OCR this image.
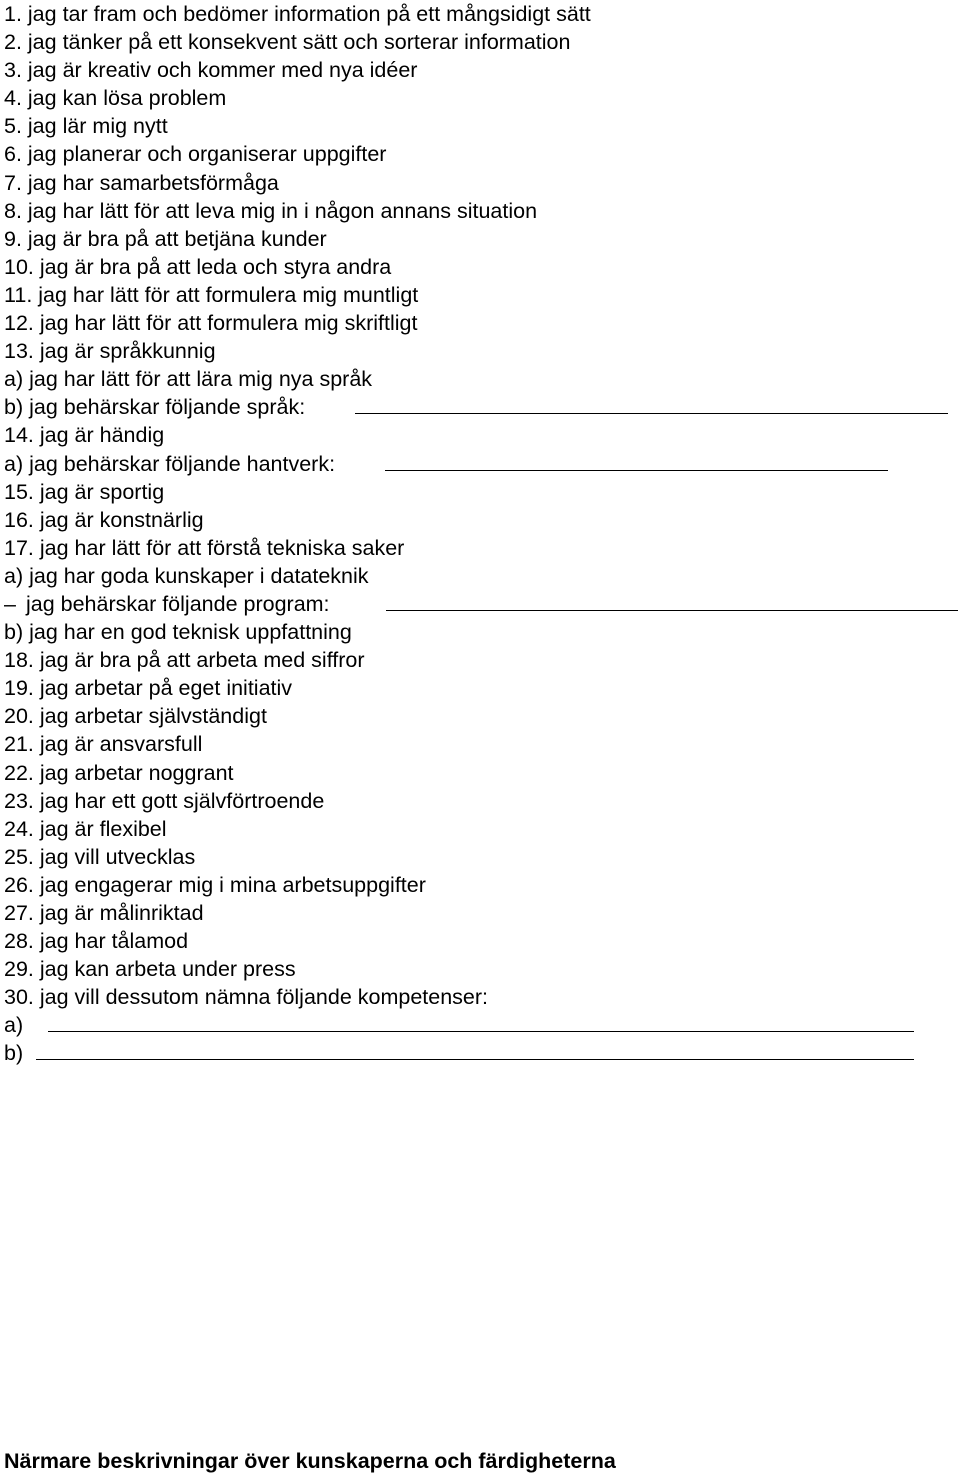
1. jag tar fram och bedömer information på ett mångsidigt sätt
2. jag tänker på ett konsekvent sätt och sorterar information
3. jag är kreativ och kommer med nya idéer
4. jag kan lösa problem
5. jag lär mig nytt
6. jag planerar och organiserar uppgifter
7. jag har samarbetsförmåga
8. jag har lätt för att leva mig in i någon annans situation
9. jag är bra på att betjäna kunder
10. jag är bra på att leda och styra andra
11. jag har lätt för att formulera mig muntligt
12. jag har lätt för att formulera mig skriftligt
13. jag är språkkunnig
a) jag har lätt för att lära mig nya språk
b) jag behärskar följande språk:
14. jag är händig
a) jag behärskar följande hantverk:
15. jag är sportig
16. jag är konstnärlig
17. jag har lätt för att förstå tekniska saker
a) jag har goda kunskaper i datateknik
– jag behärskar följande program:
b) jag har en god teknisk uppfattning
18. jag är bra på att arbeta med siffror
19. jag arbetar på eget initiativ
20. jag arbetar självständigt
21. jag är ansvarsfull
22. jag arbetar noggrant
23. jag har ett gott självförtroende
24. jag är flexibel
25. jag vill utvecklas
26. jag engagerar mig i mina arbetsuppgifter
27. jag är målinriktad
28. jag har tålamod
29. jag kan arbeta under press
30. jag vill dessutom nämna följande kompetenser:
a)
b)
Närmare beskrivningar över kunskaperna och färdigheterna
